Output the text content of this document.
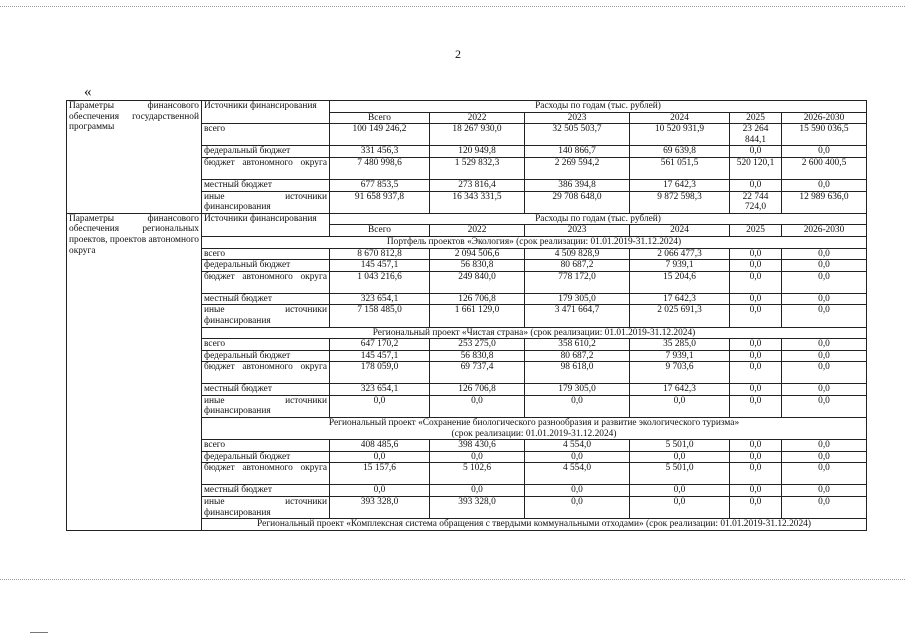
2
«
Параметры финансового обеспечения государственной программы	Источники финансирования	Расходы по годам (тыс. рублей)					
		Всего	2022	2023	2024	2025	2026-2030
	всего	100 149 246,2	18 267 930,0	32 505 503,7	10 520 931,9	23 264 844,1	15 590 036,5
	федеральный бюджет	331 456,3	120 949,8	140 866,7	69 639,8	0,0	0,0
	бюджет автономного округа	7 480 998,6	1 529 832,3	2 269 594,2	561 051,5	520 120,1	2 600 400,5
	местный бюджет	677 853,5	273 816,4	386 394,8	17 642,3	0,0	0,0
	иные источники финансирования	91 658 937,8	16 343 331,5	29 708 648,0	9 872 598,3	22 744 724,0	12 989 636,0
Параметры финансового обеспечения региональных проектов, проектов автономного округа	Источники финансирования	Расходы по годам (тыс. рублей)					
		Всего	2022	2023	2024	2025	2026-2030
	Портфель проектов «Экология» (срок реализации: 01.01.2019-31.12.2024)						
	всего	8 670 812,8	2 094 506,6	4 509 828,9	2 066 477,3	0,0	0,0
	федеральный бюджет	145 457,1	56 830,8	80 687,2	7 939,1	0,0	0,0
	бюджет автономного округа	1 043 216,6	249 840,0	778 172,0	15 204,6	0,0	0,0
	местный бюджет	323 654,1	126 706,8	179 305,0	17 642,3	0,0	0,0
	иные источники финансирования	7 158 485,0	1 661 129,0	3 471 664,7	2 025 691,3	0,0	0,0
	Региональный проект «Чистая страна» (срок реализации: 01.01.2019-31.12.2024)						
	всего	647 170,2	253 275,0	358 610,2	35 285,0	0,0	0,0
	федеральный бюджет	145 457,1	56 830,8	80 687,2	7 939,1	0,0	0,0
	бюджет автономного округа	178 059,0	69 737,4	98 618,0	9 703,6	0,0	0,0
	местный бюджет	323 654,1	126 706,8	179 305,0	17 642,3	0,0	0,0
	иные источники финансирования	0,0	0,0	0,0	0,0	0,0	0,0
	Региональный проект «Сохранение биологического разнообразия и развитие экологического туризма»
(срок реализации: 01.01.2019-31.12.2024)						
	всего	408 485,6	398 430,6	4 554,0	5 501,0	0,0	0,0
	федеральный бюджет	0,0	0,0	0,0	0,0	0,0	0,0
	бюджет автономного округа	15 157,6	5 102,6	4 554,0	5 501,0	0,0	0,0
	местный бюджет	0,0	0,0	0,0	0,0	0,0	0,0
	иные источники финансирования	393 328,0	393 328,0	0,0	0,0	0,0	0,0
	Региональный проект «Комплексная система обращения с твердыми коммунальными отходами» (срок реализации: 01.01.2019-31.12.2024)						
